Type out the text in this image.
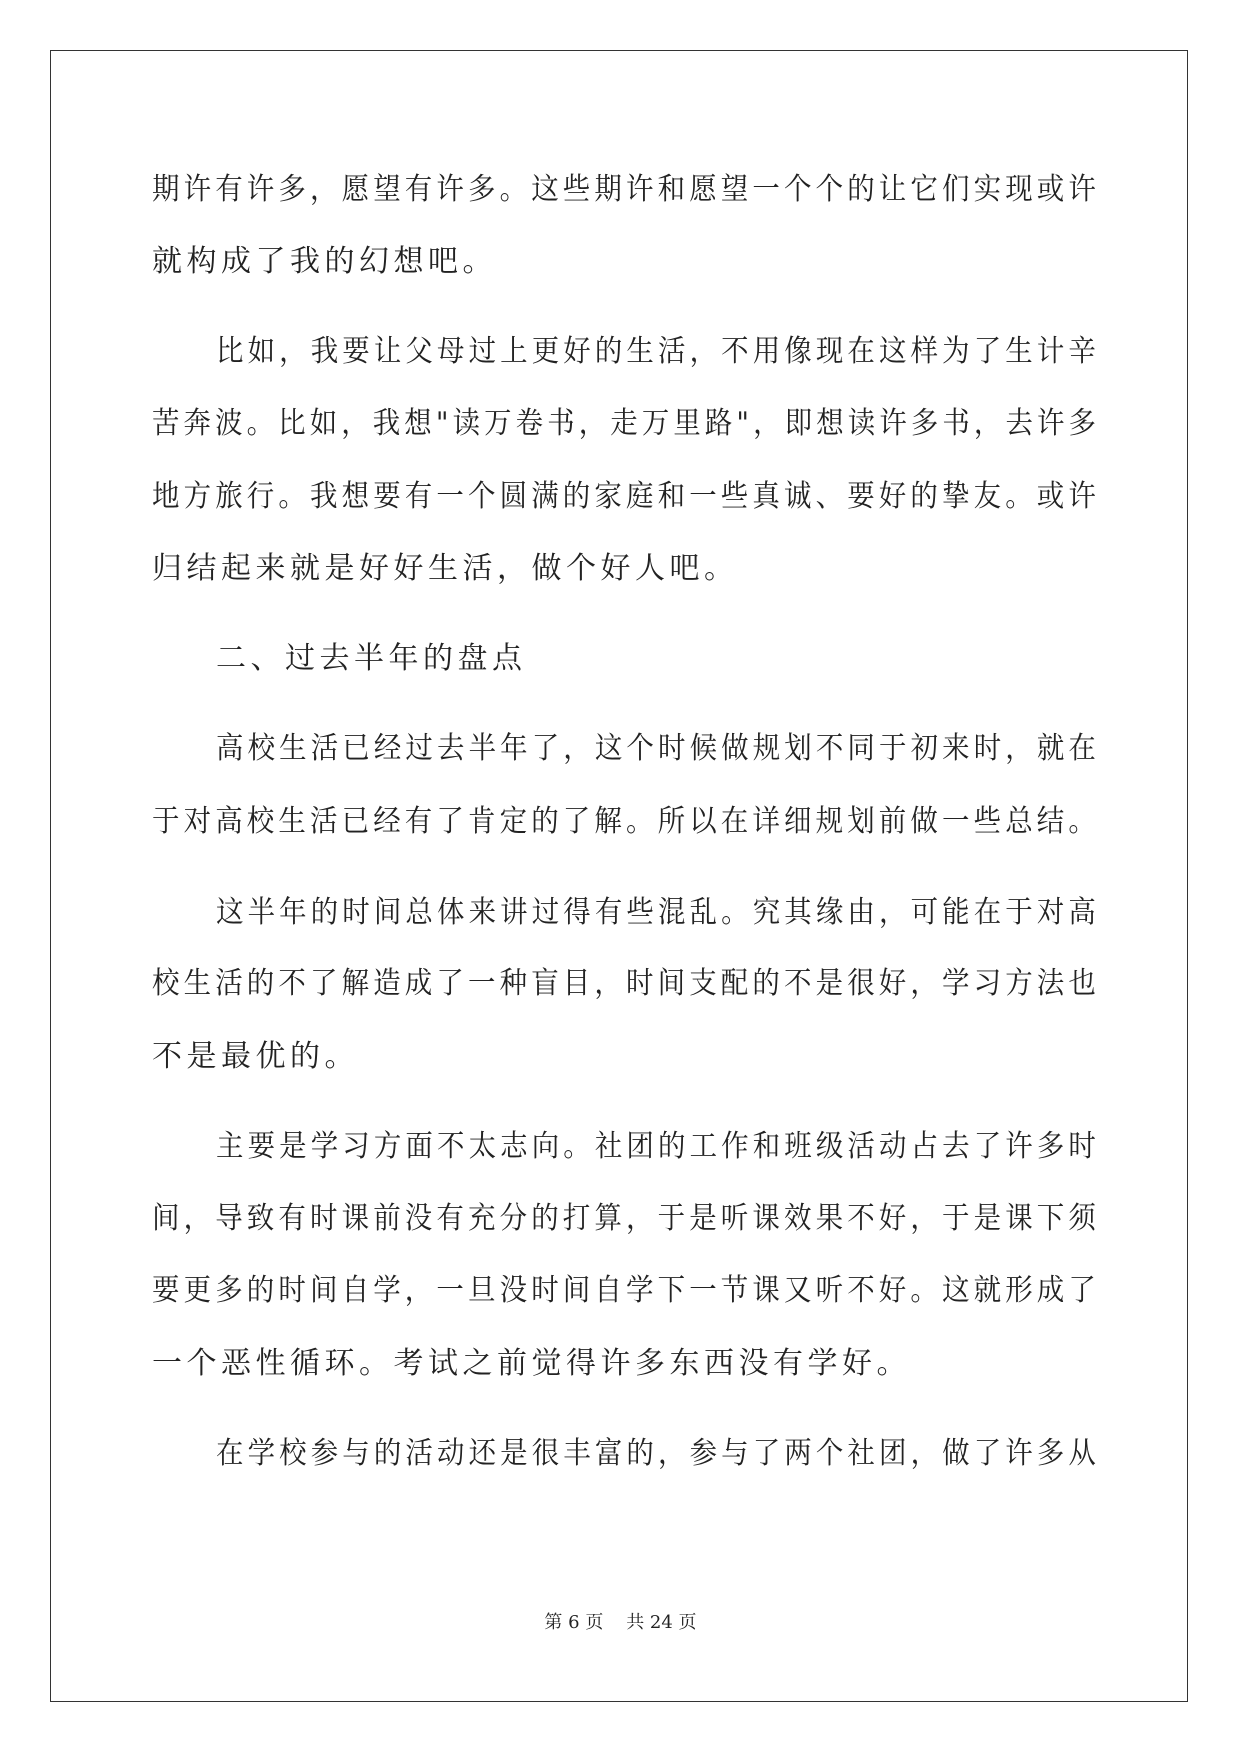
期许有许多，愿望有许多。这些期许和愿望一个个的让它们实现或许
就构成了我的幻想吧。
比如，我要让父母过上更好的生活，不用像现在这样为了生计辛
苦奔波。比如，我想"读万卷书，走万里路"，即想读许多书，去许多
地方旅行。我想要有一个圆满的家庭和一些真诚、要好的挚友。或许
归结起来就是好好生活，做个好人吧。
二、过去半年的盘点
高校生活已经过去半年了，这个时候做规划不同于初来时，就在
于对高校生活已经有了肯定的了解。所以在详细规划前做一些总结。
这半年的时间总体来讲过得有些混乱。究其缘由，可能在于对高
校生活的不了解造成了一种盲目，时间支配的不是很好，学习方法也
不是最优的。
主要是学习方面不太志向。社团的工作和班级活动占去了许多时
间，导致有时课前没有充分的打算，于是听课效果不好，于是课下须
要更多的时间自学，一旦没时间自学下一节课又听不好。这就形成了
一个恶性循环。考试之前觉得许多东西没有学好。
在学校参与的活动还是很丰富的，参与了两个社团，做了许多从
第 6 页    共 24 页
